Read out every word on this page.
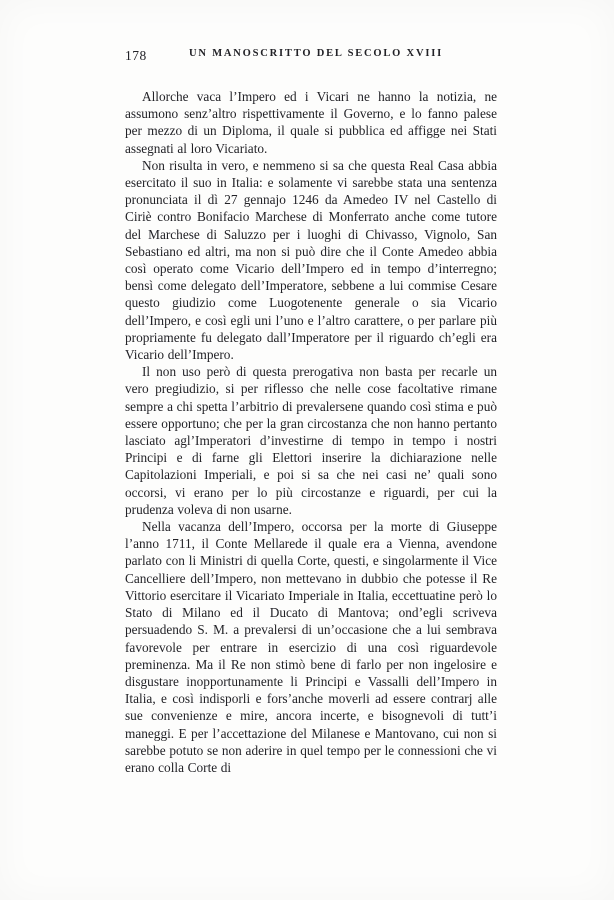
178	UN MANOSCRITTO DEL SECOLO XVIII

Allorche vaca l’Impero ed i Vicari ne hanno la notizia, ne assumono senz’altro rispettivamente il Governo, e lo fanno palese per mezzo di un Diploma, il quale si pubblica ed affigge nei Stati assegnati al loro Vicariato.

Non risulta in vero, e nemmeno si sa che questa Real Casa abbia esercitato il suo in Italia: e solamente vi sarebbe stata una sentenza pronunciata il dì 27 gennajo 1246 da Amedeo IV nel Castello di Ciriè contro Bonifacio Marchese di Monferrato anche come tutore del Marchese di Saluzzo per i luoghi di Chivasso, Vignolo, San Sebastiano ed altri, ma non si può dire che il Conte Amedeo abbia così operato come Vicario dell’Impero ed in tempo d’interregno; bensì come delegato dell’Imperatore, sebbene a lui commise Cesare questo giudizio come Luogotenente generale o sia Vicario dell’Impero, e così egli uni l’uno e l’altro carattere, o per parlare più propriamente fu delegato dall’Imperatore per il riguardo ch’egli era Vicario dell’Impero.

Il non uso però di questa prerogativa non basta per recarle un vero pregiudizio, si per riflesso che nelle cose facoltative rimane sempre a chi spetta l’arbitrio di prevalersene quando così stima e può essere opportuno; che per la gran circostanza che non hanno pertanto lasciato agl’Imperatori d’investirne di tempo in tempo i nostri Principi e di farne gli Elettori inserire la dichiarazione nelle Capitolazioni Imperiali, e poi si sa che nei casi ne’ quali sono occorsi, vi erano per lo più circostanze e riguardi, per cui la prudenza voleva di non usarne.

Nella vacanza dell’Impero, occorsa per la morte di Giuseppe l’anno 1711, il Conte Mellarede il quale era a Vienna, avendone parlato con li Ministri di quella Corte, questi, e singolarmente il Vice Cancelliere dell’Impero, non mettevano in dubbio che potesse il Re Vittorio esercitare il Vicariato Imperiale in Italia, eccettuatine però lo Stato di Milano ed il Ducato di Mantova; ond’egli scriveva persuadendo S. M. a prevalersi di un’occasione che a lui sembrava favorevole per entrare in esercizio di una così riguardevole preminenza. Ma il Re non stimò bene di farlo per non ingelosire e disgustare inopportunamente li Principi e Vassalli dell’Impero in Italia, e così indisporli e fors’anche moverli ad essere contrarj alle sue convenienze e mire, ancora incerte, e bisognevoli di tutt’i maneggi. E per l’accettazione del Milanese e Mantovano, cui non si sarebbe potuto se non aderire in quel tempo per le connessioni che vi erano colla Corte di
